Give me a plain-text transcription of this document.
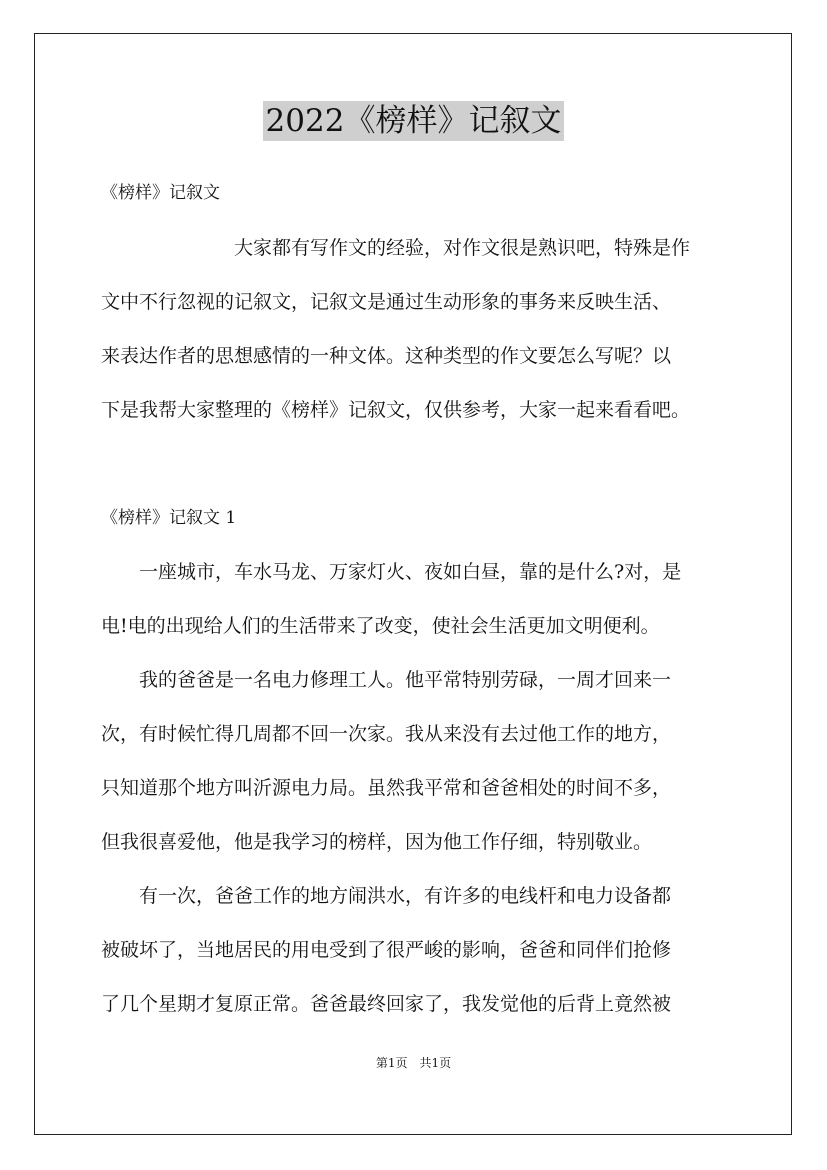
2022《榜样》记叙文
《榜样》记叙文
　　　　　　　大家都有写作文的经验，对作文很是熟识吧，特殊是作
文中不行忽视的记叙文，记叙文是通过生动形象的事务来反映生活、
来表达作者的思想感情的一种文体。这种类型的作文要怎么写呢？以
下是我帮大家整理的《榜样》记叙文，仅供参考，大家一起来看看吧。
《榜样》记叙文 1
　　一座城市，车水马龙、万家灯火、夜如白昼，靠的是什么?对，是
电!电的出现给人们的生活带来了改变，使社会生活更加文明便利。
　　我的爸爸是一名电力修理工人。他平常特别劳碌，一周才回来一
次，有时候忙得几周都不回一次家。我从来没有去过他工作的地方，
只知道那个地方叫沂源电力局。虽然我平常和爸爸相处的时间不多，
但我很喜爱他，他是我学习的榜样，因为他工作仔细，特别敬业。
　　有一次，爸爸工作的地方闹洪水，有许多的电线杆和电力设备都
被破坏了，当地居民的用电受到了很严峻的影响，爸爸和同伴们抢修
了几个星期才复原正常。爸爸最终回家了，我发觉他的后背上竟然被
第1页　共1页
